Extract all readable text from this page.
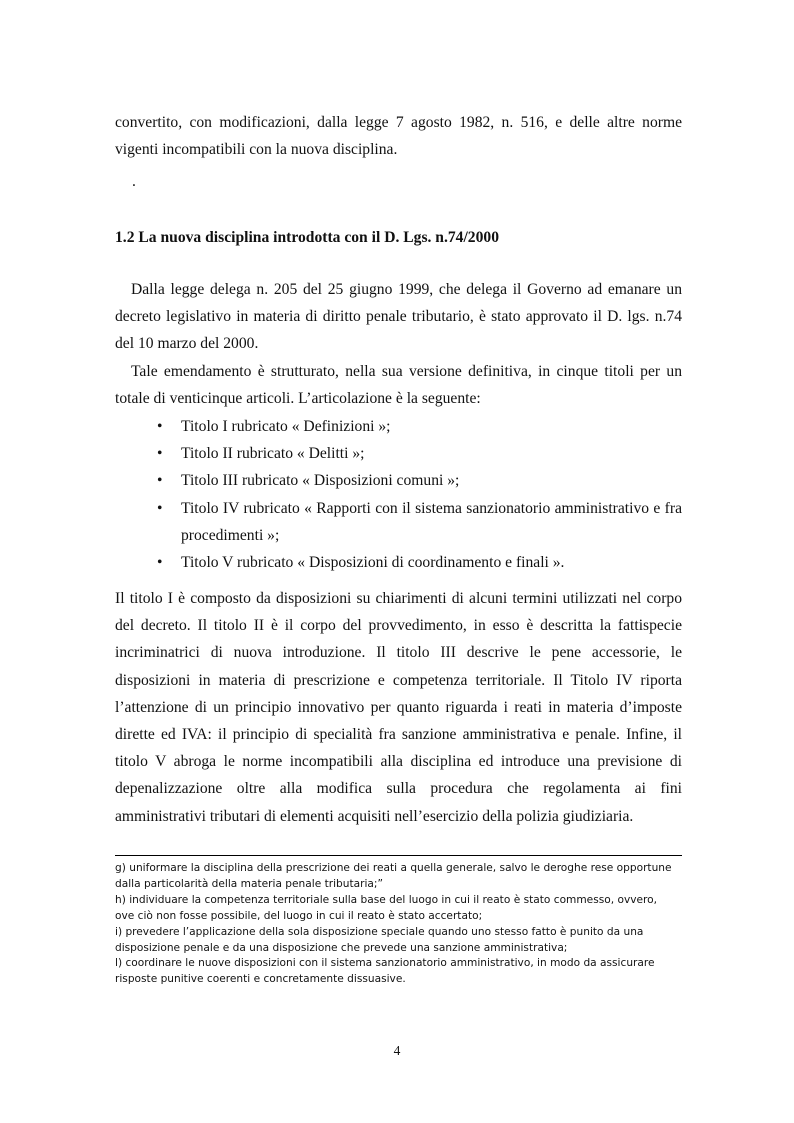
convertito, con modificazioni, dalla legge 7 agosto 1982, n. 516, e delle altre norme vigenti incompatibili con la nuova disciplina.

.
1.2 La nuova disciplina introdotta con il D. Lgs. n.74/2000

Dalla legge delega n. 205 del 25 giugno 1999, che delega il Governo ad emanare un decreto legislativo in materia di diritto penale tributario, è stato approvato il D. lgs. n.74 del 10 marzo del 2000.

Tale emendamento è strutturato, nella sua versione definitiva, in cinque titoli per un totale di venticinque articoli. L’articolazione è la seguente:

• Titolo I rubricato « Definizioni »;
• Titolo II rubricato « Delitti »;
• Titolo III rubricato « Disposizioni comuni »;
• Titolo IV rubricato « Rapporti con il sistema sanzionatorio amministrativo e fra procedimenti »;
• Titolo V rubricato « Disposizioni di coordinamento e finali ».

Il titolo I è composto da disposizioni su chiarimenti di alcuni termini utilizzati nel corpo del decreto. Il titolo II è il corpo del provvedimento, in esso è descritta la fattispecie incriminatrici di nuova introduzione. Il titolo III descrive le pene accessorie, le disposizioni in materia di prescrizione e competenza territoriale. Il Titolo IV riporta l’attenzione di un principio innovativo per quanto riguarda i reati in materia d’imposte dirette ed IVA: il principio di specialità fra sanzione amministrativa e penale. Infine, il titolo V abroga le norme incompatibili alla disciplina ed introduce una previsione di depenalizzazione oltre alla modifica sulla procedura che regolamenta ai fini amministrativi tributari di elementi acquisiti nell’esercizio della polizia giudiziaria.

g) uniformare la disciplina della prescrizione dei reati a quella generale, salvo le deroghe rese opportune dalla particolarità della materia penale tributaria;”

h) individuare la competenza territoriale sulla base del luogo in cui il reato è stato commesso, ovvero, ove ciò non fosse possibile, del luogo in cui il reato è stato accertato;

i) prevedere l’applicazione della sola disposizione speciale quando uno stesso fatto è punito da una disposizione penale e da una disposizione che prevede una sanzione amministrativa;

l) coordinare le nuove disposizioni con il sistema sanzionatorio amministrativo, in modo da assicurare risposte punitive coerenti e concretamente dissuasive.

4
